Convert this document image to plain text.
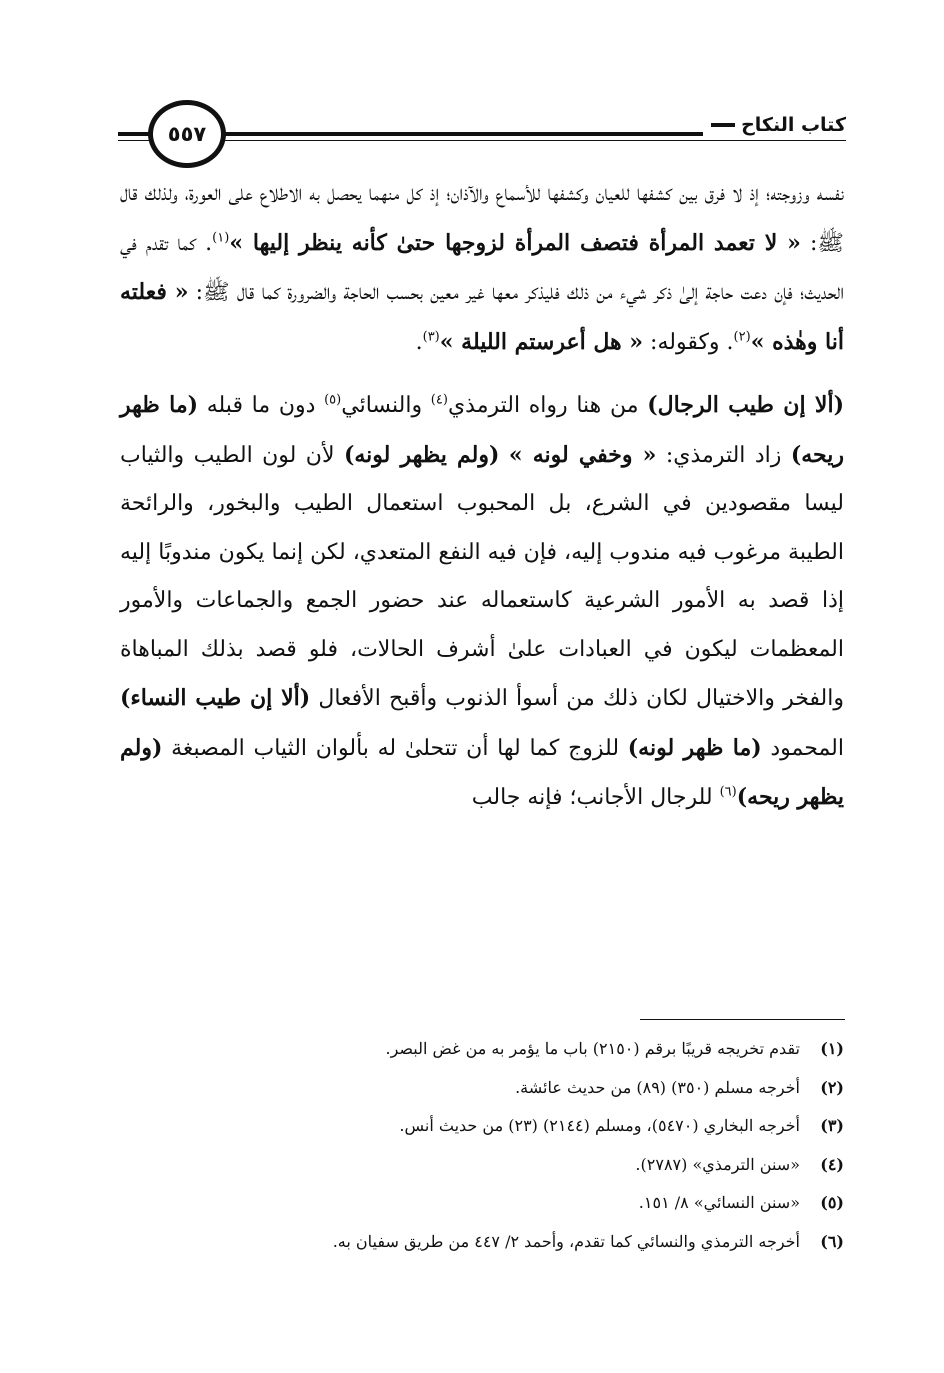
كتاب النكاح
٥٥٧

نفسه وزوجته؛ إذ لا فرق بين كشفها للعيان وكشفها للأسماع والآذان؛ إذ كل منهما يحصل به الاطلاع على العورة، ولذلك قال ﷺ: « لا تعمد المرأة فتصف المرأة لزوجها حتىٰ كأنه ينظر إليها »$^{(١)}$. كما تقدم في الحديث؛ فإن دعت حاجة إلىٰ ذكر شيء من ذلك فليذكر معها غير معين بحسب الحاجة والضرورة كما قال ﷺ: « فعلته أنا وهٰذه »$^{(٢)}$. وكقوله: « هل أعرستم الليلة »$^{(٣)}$.

(ألا إن طيب الرجال) من هنا رواه الترمذي$^{(٤)}$ والنسائي$^{(٥)}$ دون ما قبله (ما ظهر ريحه) زاد الترمذي: « وخفي لونه » (ولم يظهر لونه) لأن لون الطيب والثياب ليسا مقصودين في الشرع، بل المحبوب استعمال الطيب والبخور، والرائحة الطيبة مرغوب فيه مندوب إليه، فإن فيه النفع المتعدي، لكن إنما يكون مندوبًا إليه إذا قصد به الأمور الشرعية كاستعماله عند حضور الجمع والجماعات والأمور المعظمات ليكون في العبادات علىٰ أشرف الحالات، فلو قصد بذلك المباهاة والفخر والاختيال لكان ذلك من أسوأ الذنوب وأقبح الأفعال (ألا إن طيب النساء) المحمود (ما ظهر لونه) للزوج كما لها أن تتحلىٰ له بألوان الثياب المصبغة (ولم يظهر ريحه)$^{(٦)}$ للرجال الأجانب؛ فإنه جالب

(١)
تقدم تخريجه قريبًا برقم (٢١٥٠) باب ما يؤمر به من غض البصر.
(٢)
أخرجه مسلم (٣٥٠) (٨٩) من حديث عائشة.
(٣)
أخرجه البخاري (٥٤٧٠)، ومسلم (٢١٤٤) (٢٣) من حديث أنس.
(٤)
«سنن الترمذي» (٢٧٨٧).
(٥)
«سنن النسائي» ٨/ ١٥١.
(٦)
أخرجه الترمذي والنسائي كما تقدم، وأحمد ٢/ ٤٤٧ من طريق سفيان به.
